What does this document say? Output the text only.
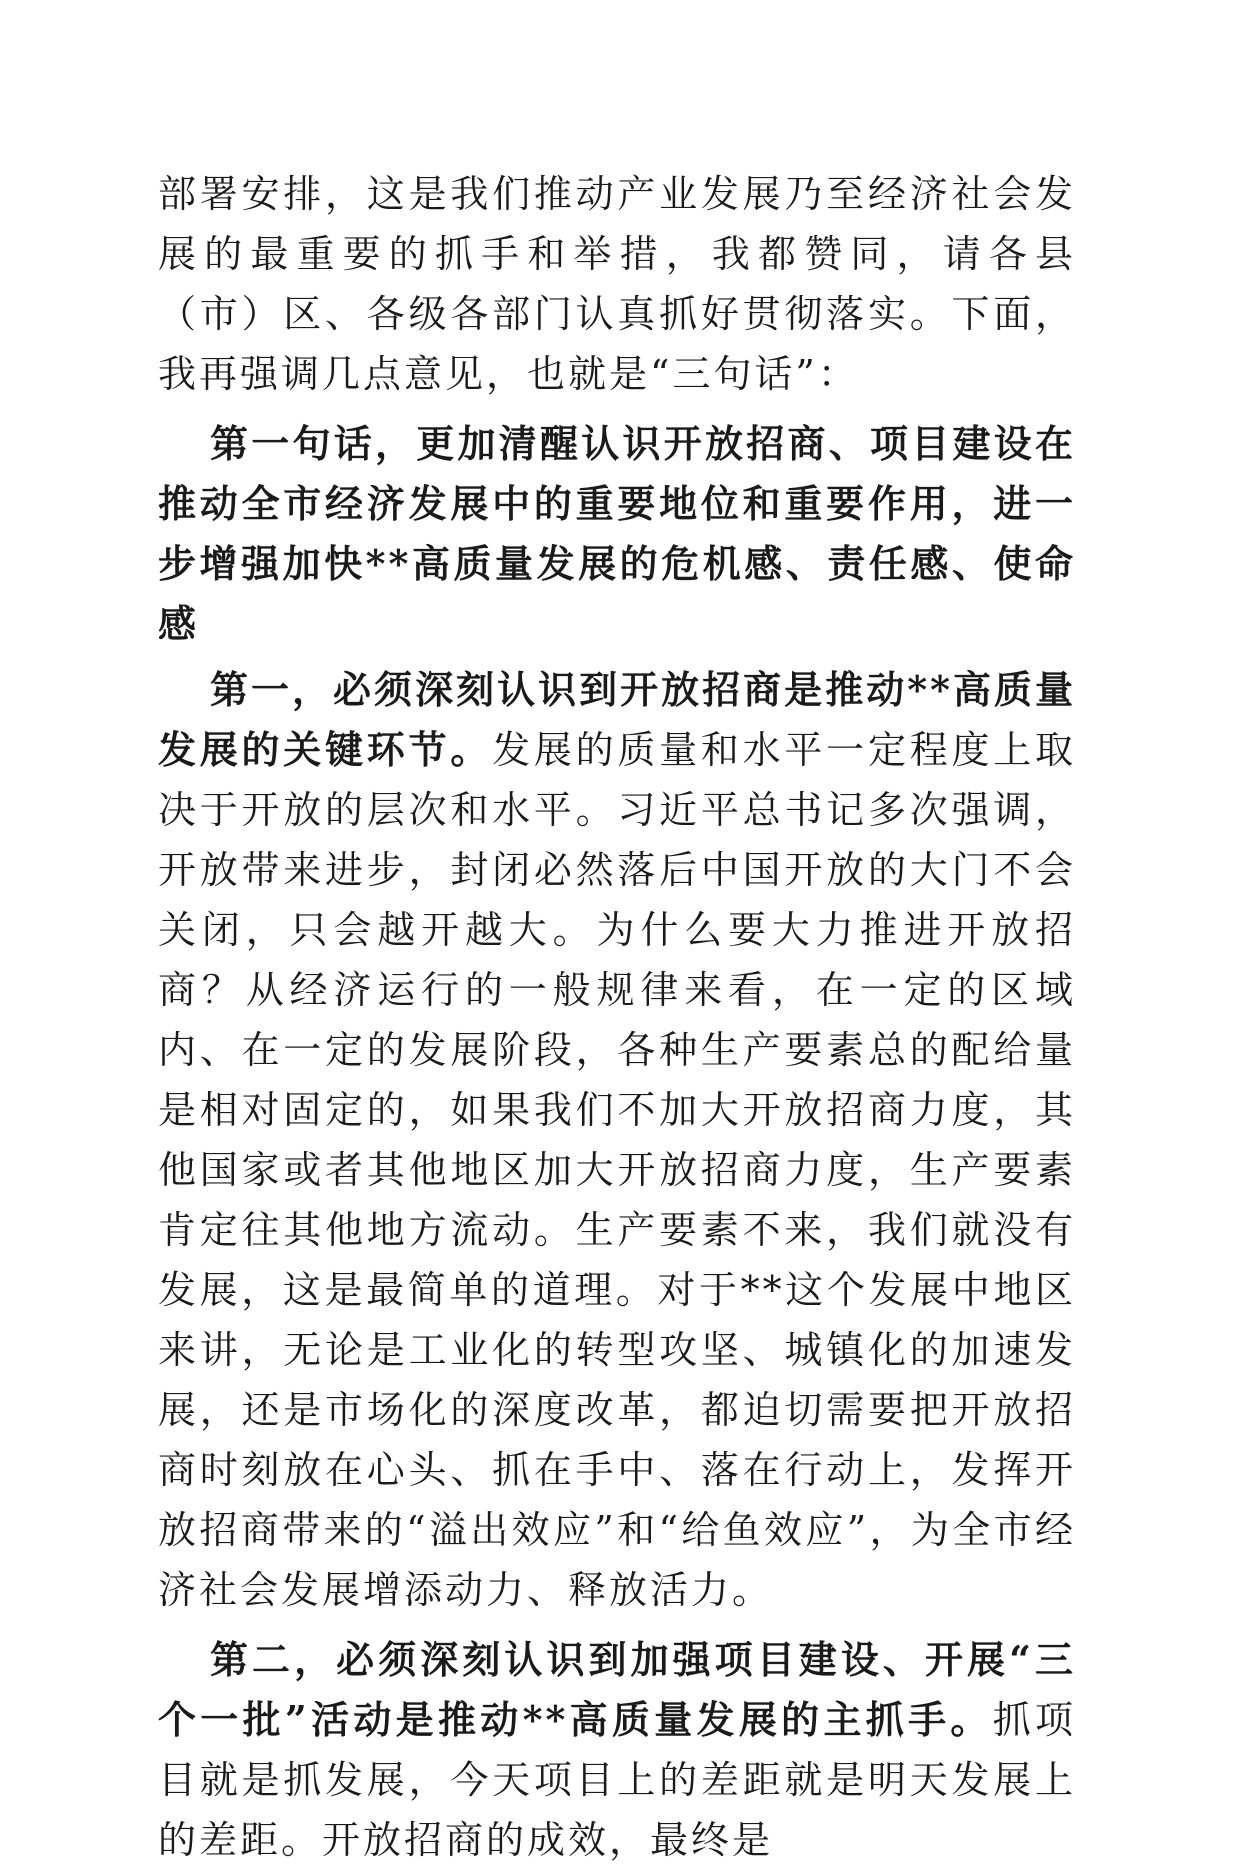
部署安排，这是我们推动产业发展乃至经济社会发展的最重要的抓手和举措，我都赞同，请各县（市）区、各级各部门认真抓好贯彻落实。下面，我再强调几点意见，也就是“三句话”：

第一句话，更加清醒认识开放招商、项目建设在推动全市经济发展中的重要地位和重要作用，进一步增强加快**高质量发展的危机感、责任感、使命感

第一，必须深刻认识到开放招商是推动**高质量发展的关键环节。发展的质量和水平一定程度上取决于开放的层次和水平。习近平总书记多次强调，开放带来进步，封闭必然落后中国开放的大门不会关闭，只会越开越大。为什么要大力推进开放招商？从经济运行的一般规律来看，在一定的区域内、在一定的发展阶段，各种生产要素总的配给量是相对固定的，如果我们不加大开放招商力度，其他国家或者其他地区加大开放招商力度，生产要素肯定往其他地方流动。生产要素不来，我们就没有发展，这是最简单的道理。对于**这个发展中地区来讲，无论是工业化的转型攻坚、城镇化的加速发展，还是市场化的深度改革，都迫切需要把开放招商时刻放在心头、抓在手中、落在行动上，发挥开放招商带来的“溢出效应”和“给鱼效应”，为全市经济社会发展增添动力、释放活力。

第二，必须深刻认识到加强项目建设、开展“三个一批”活动是推动**高质量发展的主抓手。抓项目就是抓发展，今天项目上的差距就是明天发展上的差距。开放招商的成效，最终是
